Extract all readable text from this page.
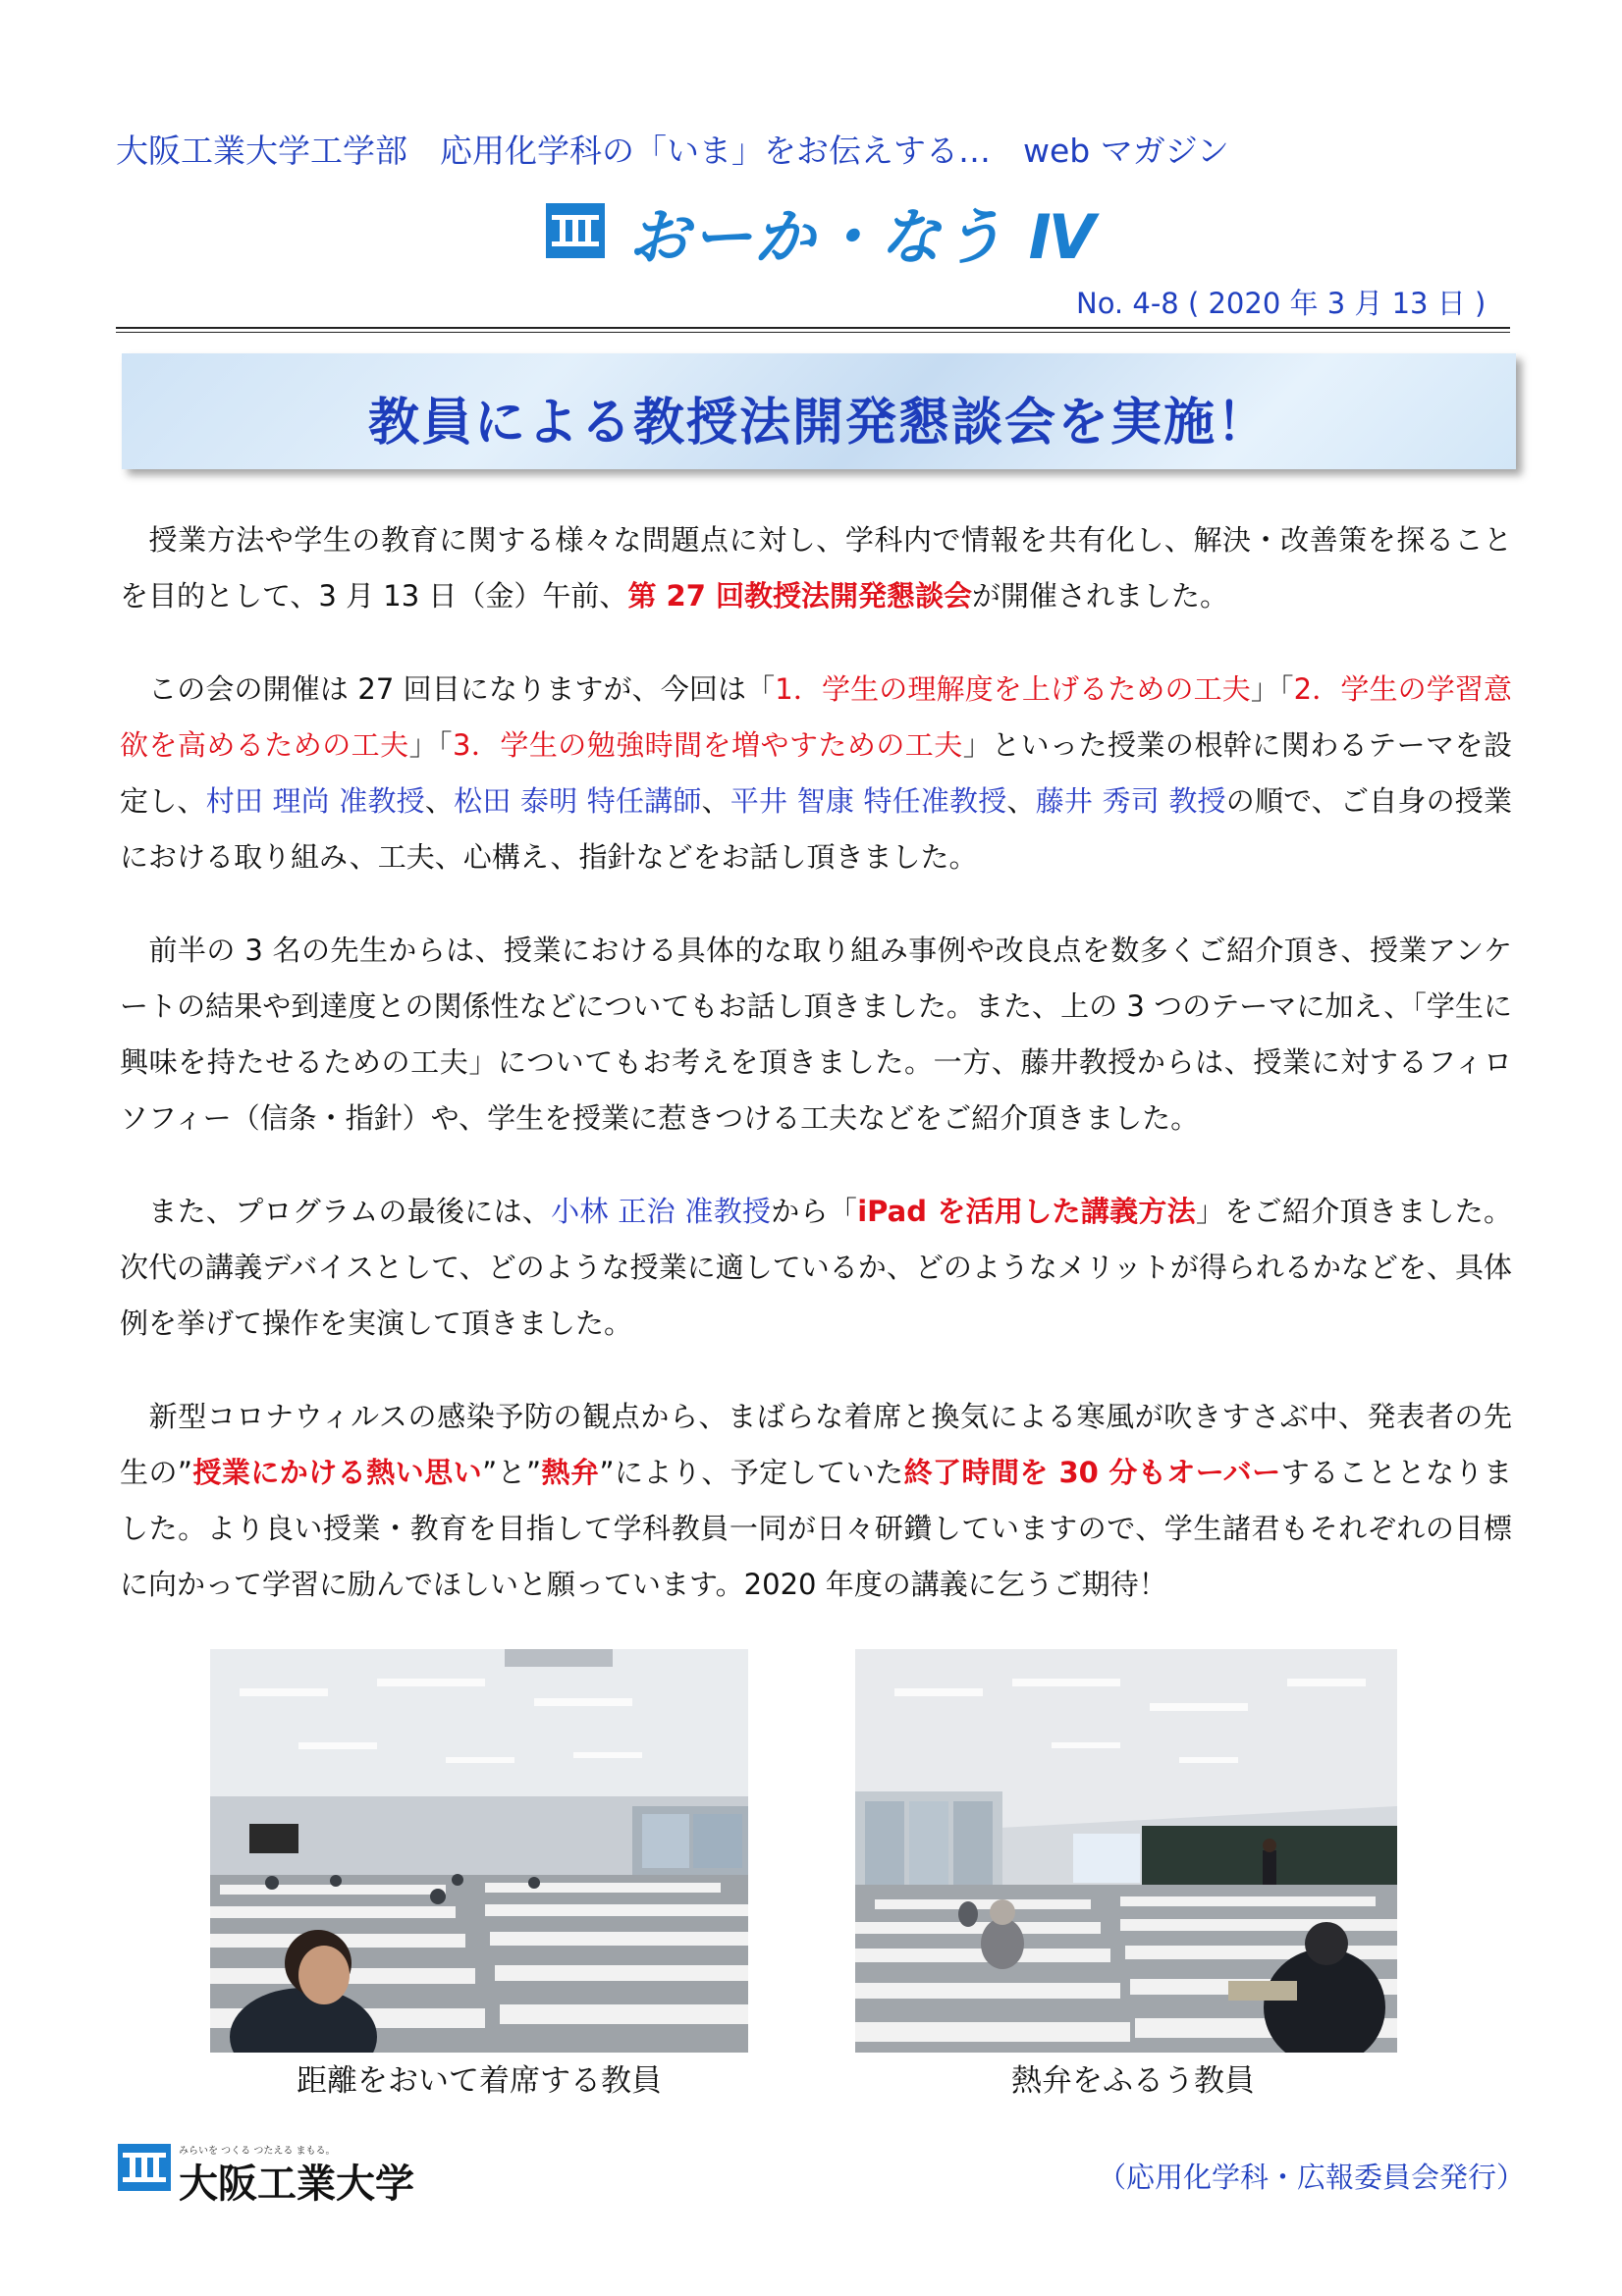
大阪工業大学工学部　応用化学科の「いま」をお伝えする…　web マガジン
おーか・なう Ⅳ
No. 4-8 ( 2020 年 3 月 13 日 )
教員による教授法開発懇談会を実施！
 授業方法や学生の教育に関する様々な問題点に対し、学科内で情報を共有化し、解決・改善策を探ることを目的として、3 月 13 日（金）午前、第 27 回教授法開発懇談会が開催されました。
 この会の開催は 27 回目になりますが、今回は「1．学生の理解度を上げるための工夫」「2．学生の学習意欲を高めるための工夫」「3．学生の勉強時間を増やすための工夫」といった授業の根幹に関わるテーマを設定し、村田 理尚 准教授、松田 泰明 特任講師、平井 智康 特任准教授、藤井 秀司 教授の順で、ご自身の授業における取り組み、工夫、心構え、指針などをお話し頂きました。
 前半の 3 名の先生からは、授業における具体的な取り組み事例や改良点を数多くご紹介頂き、授業アンケートの結果や到達度との関係性などについてもお話し頂きました。また、上の 3 つのテーマに加え、「学生に興味を持たせるための工夫」についてもお考えを頂きました。一方、藤井教授からは、授業に対するフィロソフィー（信条・指針）や、学生を授業に惹きつける工夫などをご紹介頂きました。
 また、プログラムの最後には、小林 正治 准教授から「iPad を活用した講義方法」をご紹介頂きました。次代の講義デバイスとして、どのような授業に適しているか、どのようなメリットが得られるかなどを、具体例を挙げて操作を実演して頂きました。
 新型コロナウィルスの感染予防の観点から、まばらな着席と換気による寒風が吹きすさぶ中、発表者の先生の”授業にかける熱い思い”と”熱弁”により、予定していた終了時間を 30 分もオーバーすることとなりました。より良い授業・教育を目指して学科教員一同が日々研鑽していますので、学生諸君もそれぞれの目標に向かって学習に励んでほしいと願っています。2020 年度の講義に乞うご期待！
距離をおいて着席する教員	熱弁をふるう教員
みらいを つくる つたえる まもる。
大阪工業大学	（応用化学科・広報委員会発行）
